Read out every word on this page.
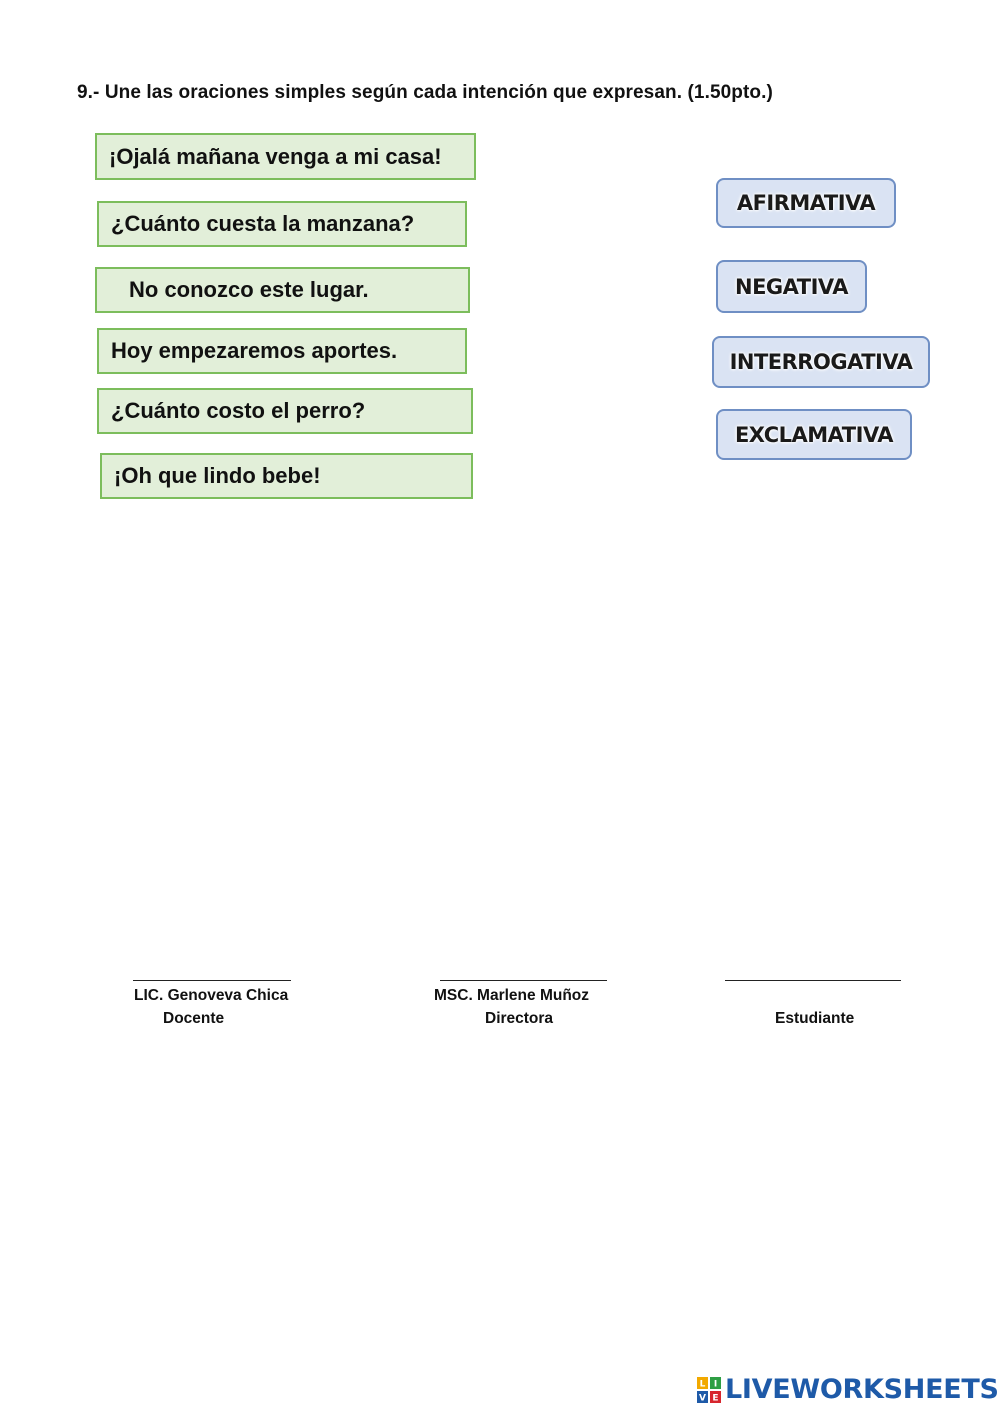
9.- Une las oraciones simples según cada intención que expresan. (1.50pto.)
¡Ojalá mañana venga a mi casa!
¿Cuánto cuesta la manzana?
No conozco este lugar.
Hoy empezaremos aportes.
¿Cuánto costo el perro?
¡Oh que lindo bebe!
AFIRMATIVA
NEGATIVA
INTERROGATIVA
EXCLAMATIVA
LIC. Genoveva Chica
Docente
MSC. Marlene Muñoz
Directora	Estudiante
L I
V E LIVEWORKSHEETS
